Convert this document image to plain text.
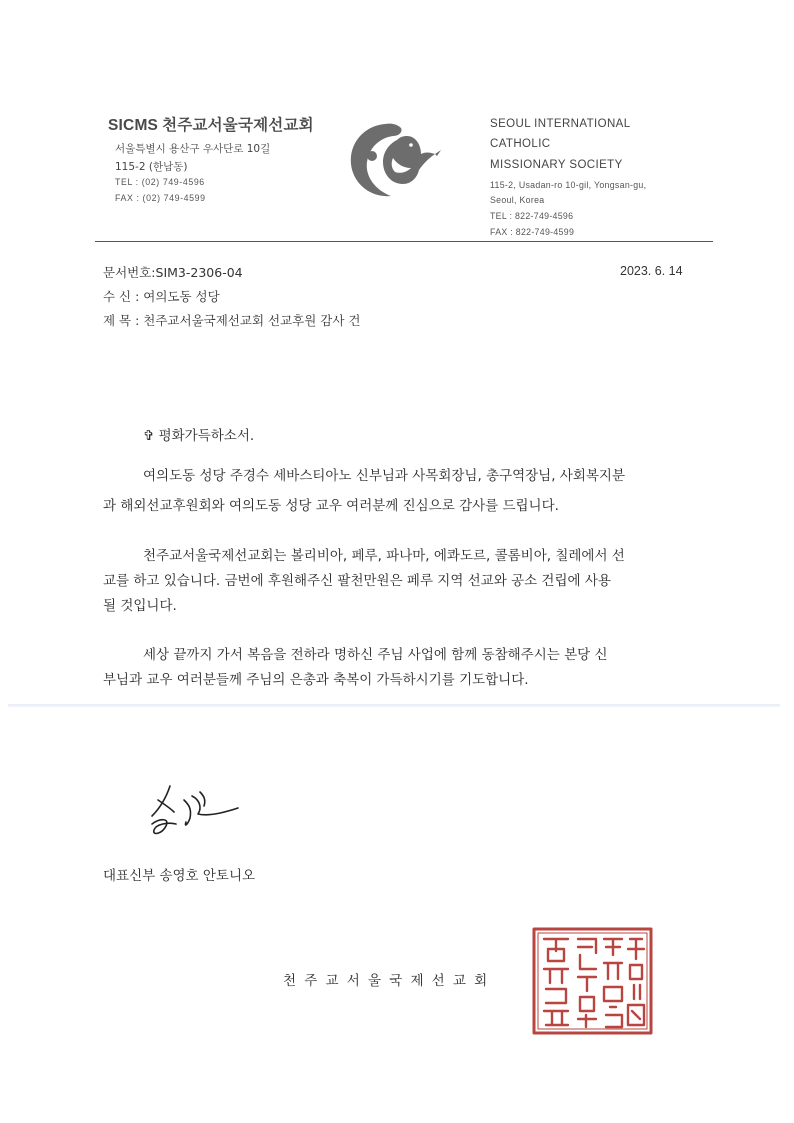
SICMS 천주교서울국제선교회
서울특별시 용산구 우사단로 10길
115-2 (한남동)
TEL : (02) 749-4596
FAX : (02) 749-4599
SEOUL INTERNATIONAL
CATHOLIC
MISSIONARY SOCIETY
115-2, Usadan-ro 10-gil, Yongsan-gu,
Seoul, Korea
TEL : 822-749-4596
FAX : 822-749-4599
문서번호:SIM3-2306-04	2023. 6. 14
수 신 : 여의도동 성당
제 목 : 천주교서울국제선교회 선교후원 감사 건
✞ 평화가득하소서.
여의도동 성당 주경수 세바스티아노 신부님과 사목회장님, 총구역장님, 사회복지분
과 해외선교후원회와 여의도동 성당 교우 여러분께 진심으로 감사를 드립니다.
천주교서울국제선교회는 볼리비아, 페루, 파나마, 에콰도르, 콜롬비아, 칠레에서 선
교를 하고 있습니다. 금번에 후원해주신 팔천만원은 페루 지역 선교와 공소 건립에 사용
될 것입니다.
세상 끝까지 가서 복음을 전하라 명하신 주님 사업에 함께 동참해주시는 본당 신
부님과 교우 여러분들께 주님의 은총과 축복이 가득하시기를 기도합니다.
대표신부 송영호 안토니오
천주교서울국제선교회
